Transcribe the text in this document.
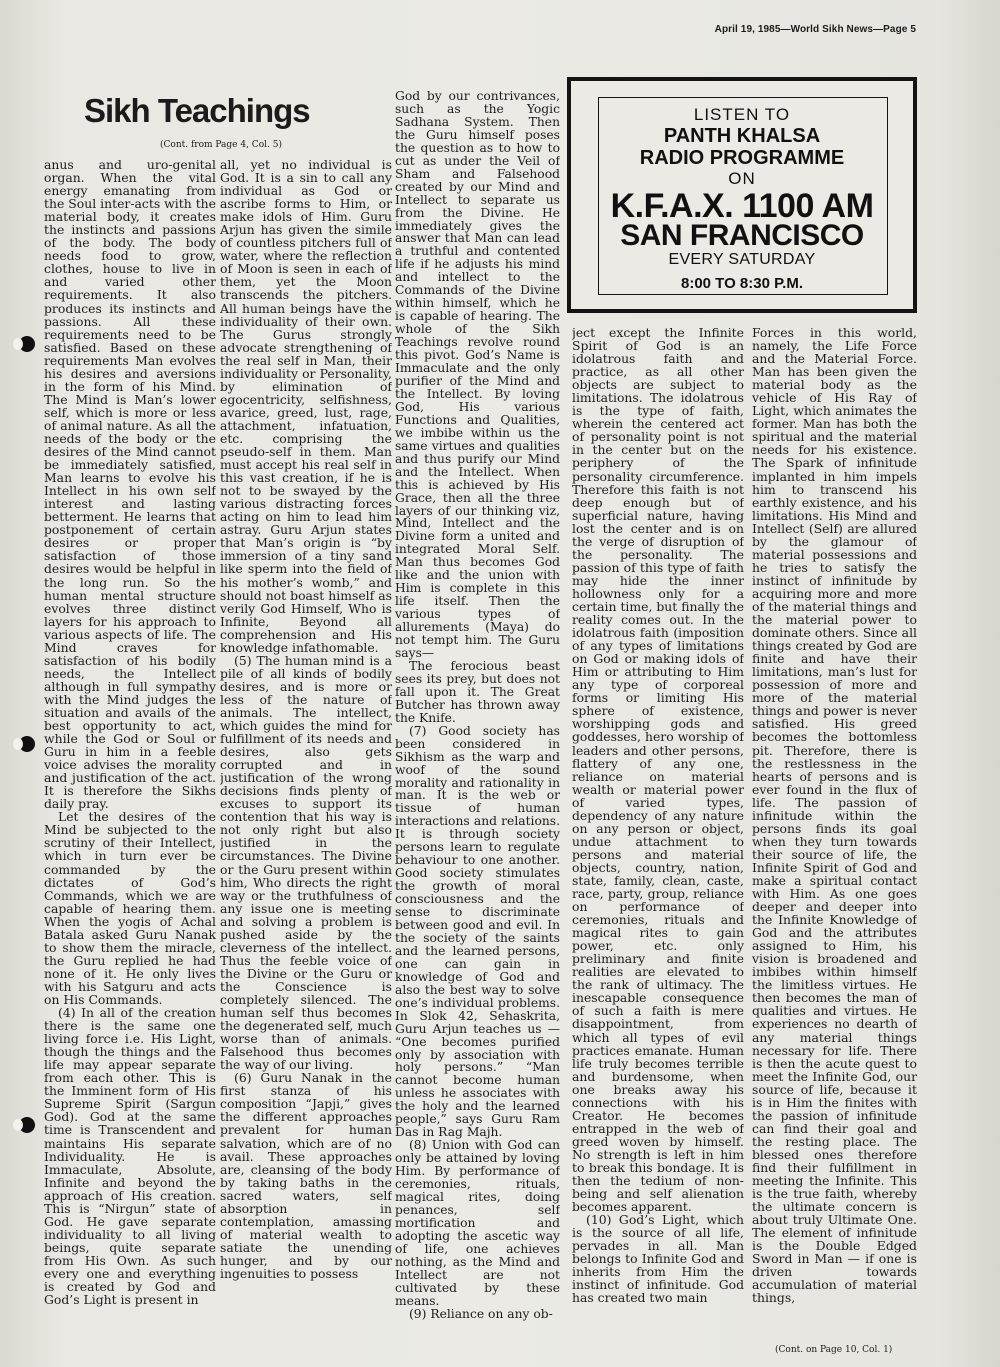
April 19, 1985—World Sikh News—Page 5
Sikh Teachings
(Cont. from Page 4, Col. 5)

anus and uro-genital organ. When the vital energy emanating from the Soul inter-acts with the material body, it creates the instincts and passions of the body. The body needs food to grow, clothes, house to live in and varied other requirements. It also produces its instincts and passions. All these requirements need to be satisfied. Based on these requirements Man evolves his desires and aversions in the form of his Mind. The Mind is Man’s lower self, which is more or less of animal nature. As all the needs of the body or the desires of the Mind cannot be immediately satisfied, Man learns to evolve his Intellect in his own self interest and lasting betterment. He learns that postponement of certain desires or proper satisfaction of those desires would be helpful in the long run. So the human mental structure evolves three distinct layers for his approach to various aspects of life. The Mind craves for satisfaction of his bodily needs, the Intellect although in full sympathy with the Mind judges the situation and avails of the best opportunity to act, while the God or Soul or Guru in him in a feeble voice advises the morality and justification of the act. It is therefore the Sikhs daily pray.

Let the desires of the Mind be subjected to the scrutiny of their Intellect, which in turn ever be commanded by the dictates of God’s Commands, which we are capable of hearing them. When the yogis of Achal Batala asked Guru Nanak to show them the miracle, the Guru replied he had none of it. He only lives with his Satguru and acts on His Commands.

(4) In all of the creation there is the same one living force i.e. His Light, though the things and the life may appear separate from each other. This is the Imminent form of His Supreme Spirit (Sargun God). God at the same time is Transcendent and maintains His separate Individuality. He is Immaculate, Absolute, Infinite and beyond the approach of His creation. This is “Nirgun” state of God. He gave separate individuality to all living beings, quite separate from His Own. As such every one and everything is created by God and God’s Light is present in

all, yet no individual is God. It is a sin to call any individual as God or ascribe forms to Him, or make idols of Him. Guru Arjun has given the simile of countless pitchers full of water, where the reflection of Moon is seen in each of them, yet the Moon transcends the pitchers. All human beings have the individuality of their own. The Gurus strongly advocate strengthening of the real self in Man, their individuality or Personality, by elimination of egocentricity, selfishness, avarice, greed, lust, rage, attachment, infatuation, etc. comprising the pseudo-self in them. Man must accept his real self in this vast creation, if he is not to be swayed by the various distracting forces acting on him to lead him astray. Guru Arjun states that Man’s origin is “by immersion of a tiny sand like sperm into the field of his mother’s womb,” and should not boast himself as verily God Himself, Who is Infinite, Beyond all comprehension and His knowledge infathomable.

(5) The human mind is a pile of all kinds of bodily desires, and is more or less of the nature of animals. The intellect, which guides the mind for fulfillment of its needs and desires, also gets corrupted and in justification of the wrong decisions finds plenty of excuses to support its contention that his way is not only right but also justified in the circumstances. The Divine or the Guru present within him, Who directs the right way or the truthfulness of any issue one is meeting and solving a problem is pushed aside by the cleverness of the intellect. Thus the feeble voice of the Divine or the Guru or the Conscience is completely silenced. The human self thus becomes the degenerated self, much worse than of animals. Falsehood thus becomes the way of our living.

(6) Guru Nanak in the first stanza of his composition “Japji,” gives the different approaches prevalent for human salvation, which are of no avail. These approaches are, cleansing of the body by taking baths in the sacred waters, self absorption in contemplation, amassing of material wealth to satiate the unending hunger, and by our ingenuities to possess

God by our contrivances, such as the Yogic Sadhana System. Then the Guru himself poses the question as to how to cut as under the Veil of Sham and Falsehood created by our Mind and Intellect to separate us from the Divine. He immediately gives the answer that Man can lead a truthful and contented life if he adjusts his mind and intellect to the Commands of the Divine within himself, which he is capable of hearing. The whole of the Sikh Teachings revolve round this pivot. God’s Name is Immaculate and the only purifier of the Mind and the Intellect. By loving God, His various Functions and Qualities, we imbibe within us the same virtues and qualities and thus purify our Mind and the Intellect. When this is achieved by His Grace, then all the three layers of our thinking viz, Mind, Intellect and the Divine form a united and integrated Moral Self. Man thus becomes God like and the union with Him is complete in this life itself. Then the various types of allurements (Maya) do not tempt him. The Guru says—

The ferocious beast sees its prey, but does not fall upon it. The Great Butcher has thrown away the Knife.

(7) Good society has been considered in Sikhism as the warp and woof of the sound morality and rationality in man. It is the web or tissue of human interactions and relations. It is through society persons learn to regulate behaviour to one another. Good society stimulates the growth of moral consciousness and the sense to discriminate between good and evil. In the society of the saints and the learned persons, one can gain in knowledge of God and also the best way to solve one’s individual problems. In Slok 42, Sehaskrita, Guru Arjun teaches us — “One becomes purified only by association with holy persons.” “Man cannot become human unless he associates with the holy and the learned people,” says Guru Ram Das in Rag Majh.

(8) Union with God can only be attained by loving Him. By performance of ceremonies, rituals, magical rites, doing penances, self mortification and adopting the ascetic way of life, one achieves nothing, as the Mind and Intellect are not cultivated by these means.

(9) Reliance on any ob-

LISTEN TO
PANTH KHALSA
RADIO PROGRAMME
ON
K.F.A.X. 1100 AM
SAN FRANCISCO
EVERY SATURDAY
8:00 TO 8:30 P.M.

ject except the Infinite Spirit of God is an idolatrous faith and practice, as all other objects are subject to limitations. The idolatrous is the type of faith, wherein the centered act of personality point is not in the center but on the periphery of the personality circumference. Therefore this faith is not deep enough but of superficial nature, having lost the center and is on the verge of disruption of the personality. The passion of this type of faith may hide the inner hollowness only for a certain time, but finally the reality comes out. In the idolatrous faith (imposition of any types of limitations on God or making idols of Him or attributing to Him any type of corporeal forms or limiting His sphere of existence, worshipping gods and goddesses, hero worship of leaders and other persons, flattery of any one, reliance on material wealth or material power of varied types, dependency of any nature on any person or object, undue attachment to persons and material objects, country, nation, state, family, clean, caste, race, party, group, reliance on performance of ceremonies, rituals and magical rites to gain power, etc. only preliminary and finite realities are elevated to the rank of ultimacy. The inescapable consequence of such a faith is mere disappointment, from which all types of evil practices emanate. Human life truly becomes terrible and burdensome, when one breaks away his connections with his Creator. He becomes entrapped in the web of greed woven by himself. No strength is left in him to break this bondage. It is then the tedium of non-being and self alienation becomes apparent.

(10) God’s Light, which is the source of all life, pervades in all. Man belongs to Infinite God and inherits from Him the instinct of infinitude. God has created two main

Forces in this world, namely, the Life Force and the Material Force. Man has been given the material body as the vehicle of His Ray of Light, which animates the former. Man has both the spiritual and the material needs for his existence. The Spark of infinitude implanted in him impels him to transcend his earthly existence, and his limitations. His Mind and Intellect (Self) are allured by the glamour of material possessions and he tries to satisfy the instinct of infinitude by acquiring more and more of the material things and the material power to dominate others. Since all things created by God are finite and have their limitations, man’s lust for possession of more and more of the material things and power is never satisfied. His greed becomes the bottomless pit. Therefore, there is the restlessness in the hearts of persons and is ever found in the flux of life. The passion of infinitude within the persons finds its goal when they turn towards their source of life, the Infinite Spirit of God and make a spiritual contact with Him. As one goes deeper and deeper into the Infinite Knowledge of God and the attributes assigned to Him, his vision is broadened and imbibes within himself the limitless virtues. He then becomes the man of qualities and virtues. He experiences no dearth of any material things necessary for life. There is then the acute quest to meet the Infinite God, our source of life, because it is in Him the finites with the passion of infinitude can find their goal and the resting place. The blessed ones therefore find their fulfillment in meeting the Infinite. This is the true faith, whereby the ultimate concern is about truly Ultimate One. The element of infinitude is the Double Edged Sword in Man — if one is driven towards accumulation of material things,

(Cont. on Page 10, Col. 1)
